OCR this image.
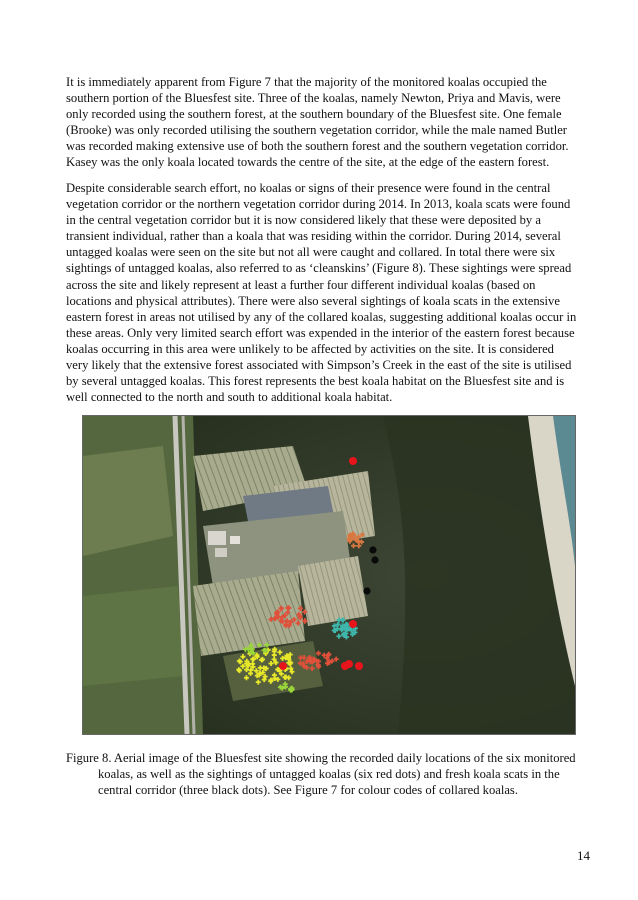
It is immediately apparent from Figure 7 that the majority of the monitored koalas occupied the southern portion of the Bluesfest site. Three of the koalas, namely Newton, Priya and Mavis, were only recorded using the southern forest, at the southern boundary of the Bluesfest site. One female (Brooke) was only recorded utilising the southern vegetation corridor, while the male named Butler was recorded making extensive use of both the southern forest and the southern vegetation corridor. Kasey was the only koala located towards the centre of the site, at the edge of the eastern forest.

Despite considerable search effort, no koalas or signs of their presence were found in the central vegetation corridor or the northern vegetation corridor during 2014. In 2013, koala scats were found in the central vegetation corridor but it is now considered likely that these were deposited by a transient individual, rather than a koala that was residing within the corridor. During 2014, several untagged koalas were seen on the site but not all were caught and collared. In total there were six sightings of untagged koalas, also referred to as ‘cleanskins’ (Figure 8). These sightings were spread across the site and likely represent at least a further four different individual koalas (based on locations and physical attributes). There were also several sightings of koala scats in the extensive eastern forest in areas not utilised by any of the collared koalas, suggesting additional koalas occur in these areas. Only very limited search effort was expended in the interior of the eastern forest because koalas occurring in this area were unlikely to be affected by activities on the site. It is considered very likely that the extensive forest associated with Simpson’s Creek in the east of the site is utilised by several untagged koalas. This forest represents the best koala habitat on the Bluesfest site and is well connected to the north and south to additional koala habitat.

Figure 8. Aerial image of the Bluesfest site showing the recorded daily locations of the six monitored koalas, as well as the sightings of untagged koalas (six red dots) and fresh koala scats in the central corridor (three black dots). See Figure 7 for colour codes of collared koalas.

14
